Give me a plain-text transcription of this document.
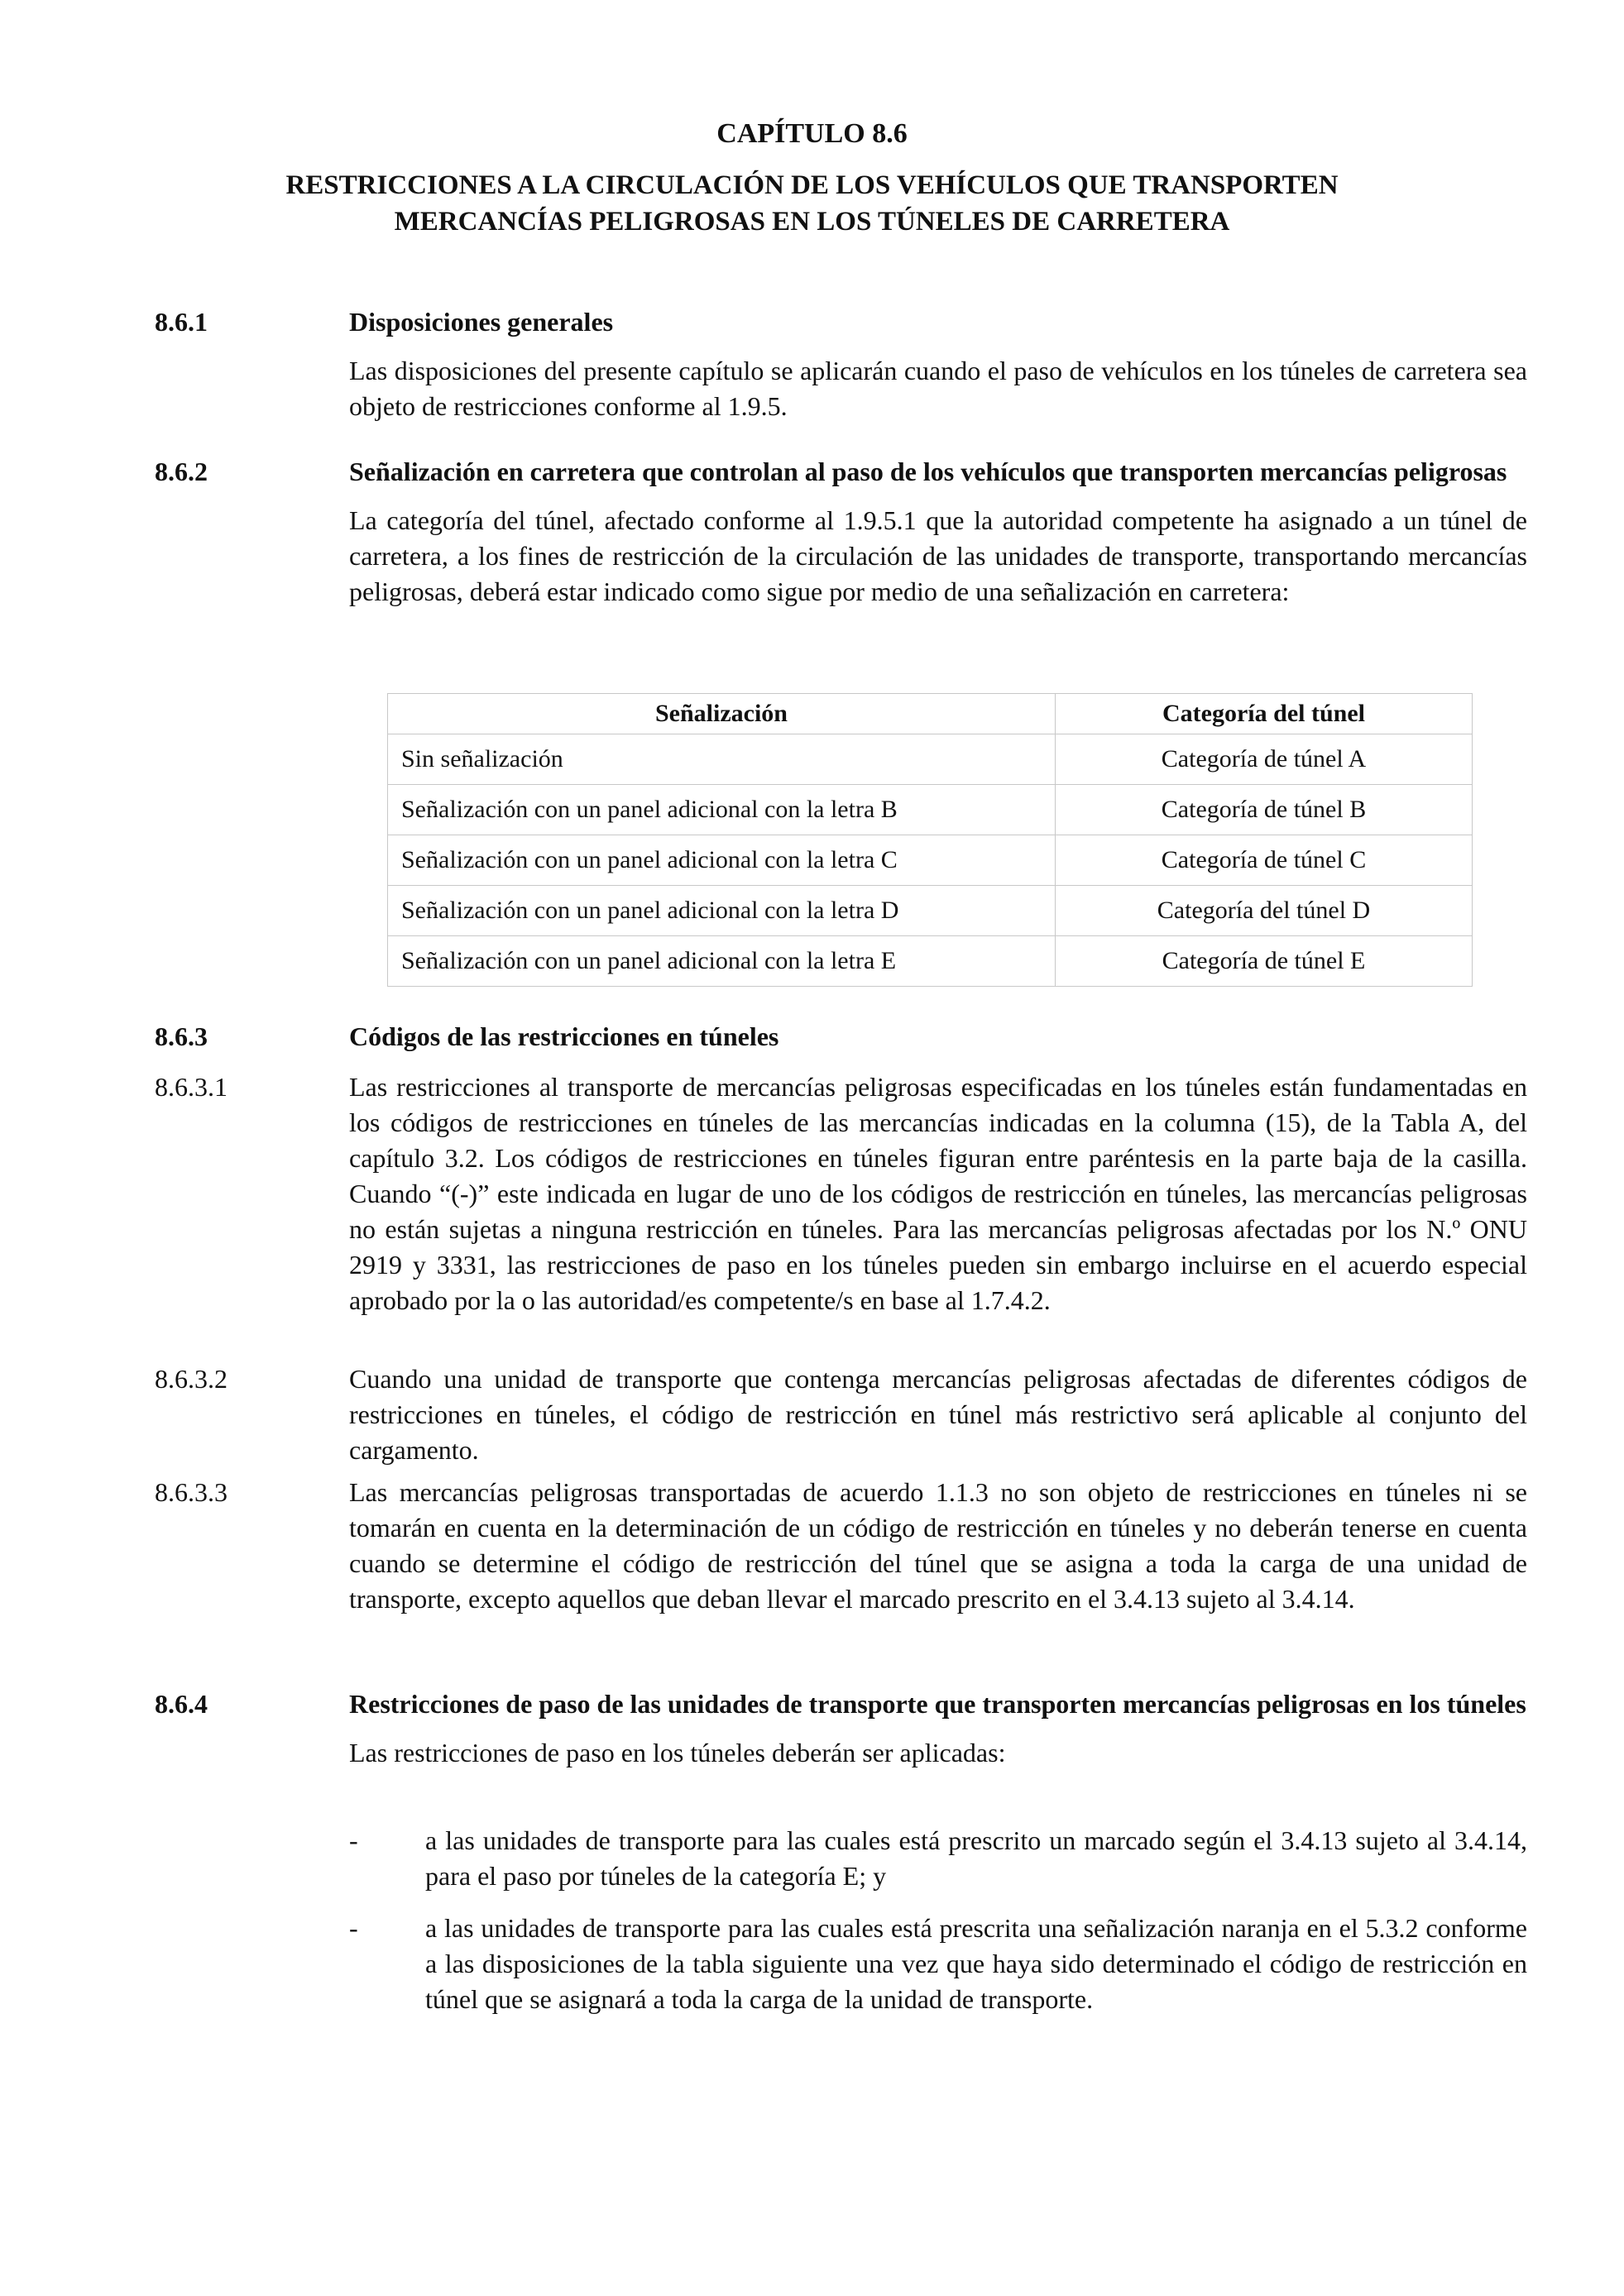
CAPÍTULO 8.6
RESTRICCIONES A LA CIRCULACIÓN DE LOS VEHÍCULOS QUE TRANSPORTEN
MERCANCÍAS PELIGROSAS EN LOS TÚNELES DE CARRETERA
8.6.1	Disposiciones generales
Las disposiciones del presente capítulo se aplicarán cuando el paso de vehículos en los túneles de carretera sea objeto de restricciones conforme al 1.9.5.
8.6.2	Señalización en carretera que controlan al paso de los vehículos que transporten mercancías peligrosas
La categoría del túnel, afectado conforme al 1.9.5.1 que la autoridad competente ha asignado a un túnel de carretera, a los fines de restricción de la circulación de las unidades de transporte, transportando mercancías peligrosas, deberá estar indicado como sigue por medio de una señalización en carretera:
Señalización	Categoría del túnel
Sin señalización	Categoría de túnel A
Señalización con un panel adicional con la letra B	Categoría de túnel B
Señalización con un panel adicional con la letra C	Categoría de túnel C
Señalización con un panel adicional con la letra D	Categoría del túnel D
Señalización con un panel adicional con la letra E	Categoría de túnel E
8.6.3	Códigos de las restricciones en túneles
8.6.3.1	Las restricciones al transporte de mercancías peligrosas especificadas en los túneles están fundamentadas en los códigos de restricciones en túneles de las mercancías indicadas en la columna (15), de la Tabla A, del capítulo 3.2. Los códigos de restricciones en túneles figuran entre paréntesis en la parte baja de la casilla. Cuando “(-)” este indicada en lugar de uno de los códigos de restricción en túneles, las mercancías peligrosas no están sujetas a ninguna restricción en túneles. Para las mercancías peligrosas afectadas por los N.º ONU 2919 y 3331, las restricciones de paso en los túneles pueden sin embargo incluirse en el acuerdo especial aprobado por la o las autoridad/es competente/s en base al 1.7.4.2.
8.6.3.2	Cuando una unidad de transporte que contenga mercancías peligrosas afectadas de diferentes códigos de restricciones en túneles, el código de restricción en túnel más restrictivo será aplicable al conjunto del cargamento.
8.6.3.3	Las mercancías peligrosas transportadas de acuerdo 1.1.3 no son objeto de restricciones en túneles ni se tomarán en cuenta en la determinación de un código de restricción en túneles y no deberán tenerse en cuenta cuando se determine el código de restricción del túnel que se asigna a toda la carga de una unidad de transporte, excepto aquellos que deban llevar el marcado prescrito en el 3.4.13 sujeto al 3.4.14.
8.6.4	Restricciones de paso de las unidades de transporte que transporten mercancías peligrosas en los túneles
Las restricciones de paso en los túneles deberán ser aplicadas:
-	a las unidades de transporte para las cuales está prescrito un marcado según el 3.4.13 sujeto al 3.4.14, para el paso por túneles de la categoría E; y
-	a las unidades de transporte para las cuales está prescrita una señalización naranja en el 5.3.2 conforme a las disposiciones de la tabla siguiente una vez que haya sido determinado el código de restricción en túnel que se asignará a toda la carga de la unidad de transporte.
